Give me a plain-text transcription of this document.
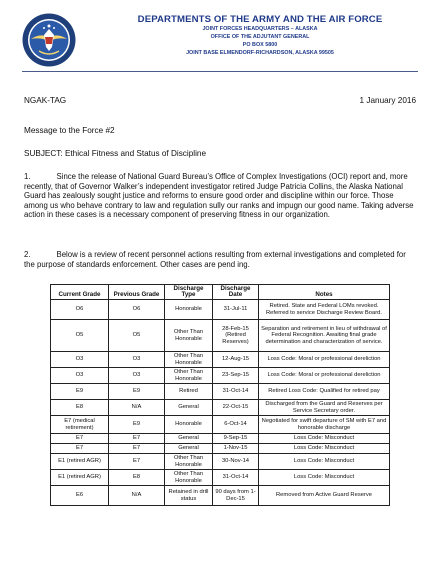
DEPARTMENTS OF THE ARMY AND THE AIR FORCE
JOINT FORCES HEADQUARTERS – ALASKA
OFFICE OF THE ADJUTANT GENERAL
PO BOX 5800
JOINT BASE ELMENDORF-RICHARDSON, ALASKA 99505
NGAK-TAG	1 January 2016
Message to the Force #2
SUBJECT: Ethical Fitness and Status of Discipline
1.	Since the release of National Guard Bureau’s Office of Complex Investigations (OCI) report and, more recently, that of Governor Walker’s independent investigator retired Judge Patricia Collins, the Alaska National Guard has zealously sought justice and reforms to ensure good order and discipline within our force. Those among us who behave contrary to law and regulation sully our ranks and impugn our good name. Taking adverse action in these cases is a necessary component of preserving fitness in our organization.
2.	Below is a review of recent personnel actions resulting from external investigations and completed for the purpose of standards enforcement. Other cases are pend ing.
Current Grade	Previous Grade	Discharge Type	Discharge Date	Notes
O6	O6	Honorable	31-Jul-11	Retired. State and Federal LOMs revoked. Referred to service Discharge Review Board.
O5	O5	Other Than Honorable	28-Feb-15 (Retired Reserves)	Separation and retirement in lieu of withdrawal of Federal Recognition. Awaiting final grade determination and characterization of service.
O3	O3	Other Than Honorable	12-Aug-15	Loss Code: Moral or professional dereliction
O3	O3	Other Than Honorable	23-Sep-15	Loss Code: Moral or professional dereliction
E9	E9	Retired	31-Oct-14	Retired Loss Code: Qualified for retired pay
E8	N/A	General	22-Oct-15	Discharged from the Guard and Reserves per Service Secretary order.
E7 (medical retirement)	E9	Honorable	6-Oct-14	Negotiated for swift departure of SM with E7 and honorable discharge
E7	E7	General	9-Sep-15	Loss Code: Misconduct
E7	E7	General	1-Nov-15	Loss Code: Misconduct
E1 (retired AGR)	E7	Other Than Honorable	30-Nov-14	Loss Code: Misconduct
E1 (retired AGR)	E8	Other Than Honorable	31-Oct-14	Loss Code: Misconduct
E6	N/A	Retained in drill status	90 days from 1-Dec-15	Removed from Active Guard Reserve
